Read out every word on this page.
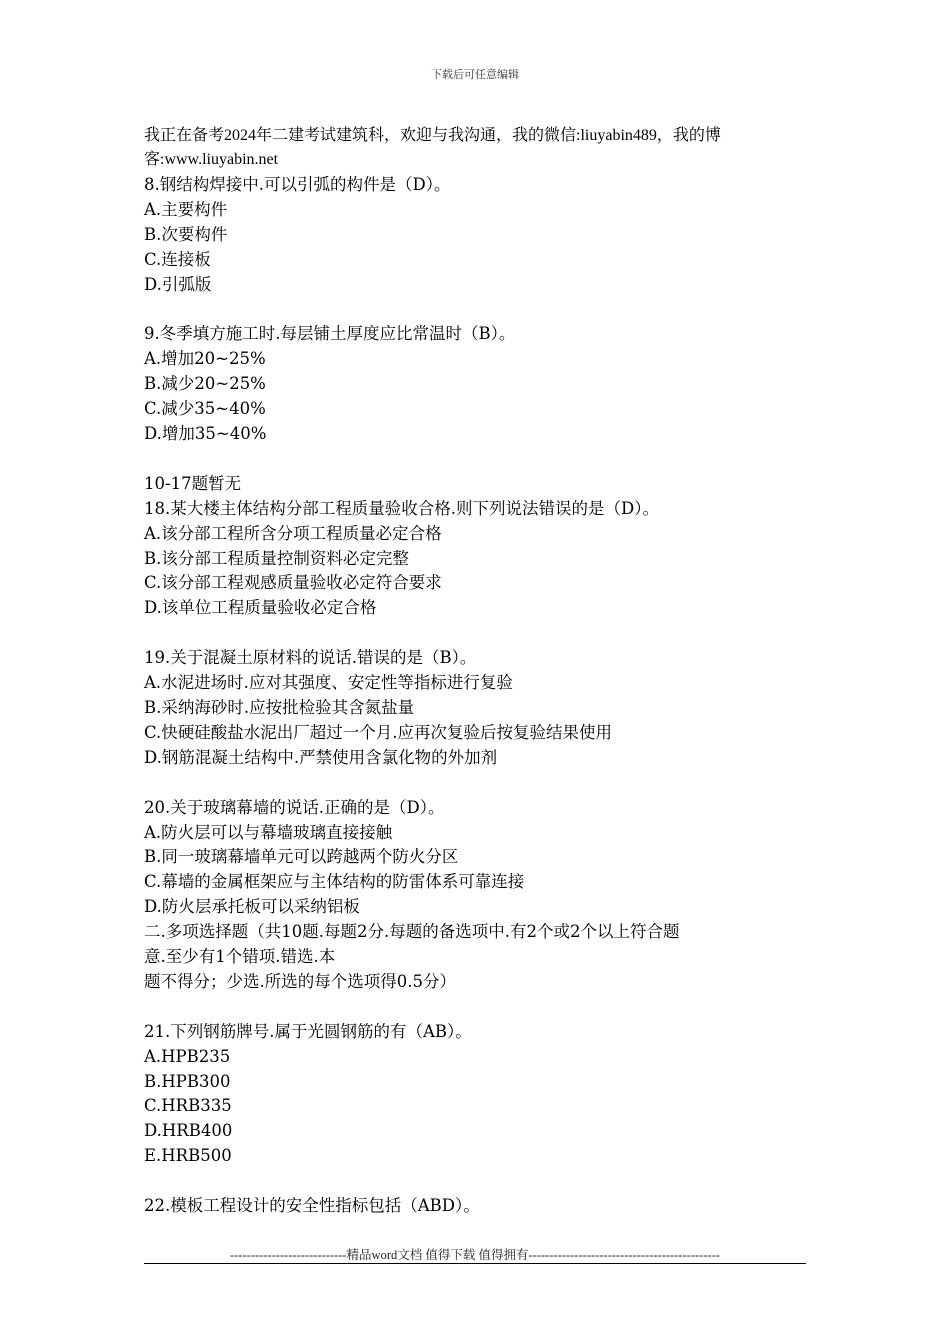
下载后可任意编辑
我正在备考2024年二建考试建筑科，欢迎与我沟通，我的微信:liuyabin489，我的博
客:www.liuyabin.net
8.钢结构焊接中.可以引弧的构件是（D）。
A.主要构件
B.次要构件
C.连接板
D.引弧版
9.冬季填方施工时.每层铺土厚度应比常温时（B）。
A.增加20~25%
B.减少20~25%
C.减少35~40%
D.增加35~40%
10-17题暂无
18.某大楼主体结构分部工程质量验收合格.则下列说法错误的是（D）。
A.该分部工程所含分项工程质量必定合格
B.该分部工程质量控制资料必定完整
C.该分部工程观感质量验收必定符合要求
D.该单位工程质量验收必定合格
19.关于混凝土原材料的说话.错误的是（B）。
A.水泥进场时.应对其强度、安定性等指标进行复验
B.采纳海砂时.应按批检验其含氮盐量
C.快硬硅酸盐水泥出厂超过一个月.应再次复验后按复验结果使用
D.钢筋混凝土结构中.严禁使用含氯化物的外加剂
20.关于玻璃幕墙的说话.正确的是（D）。
A.防火层可以与幕墙玻璃直接接触
B.同一玻璃幕墙单元可以跨越两个防火分区
C.幕墙的金属框架应与主体结构的防雷体系可靠连接
D.防火层承托板可以采纳铝板
二.多项选择题（共10题.每题2分.每题的备选项中.有2个或2个以上符合题
意.至少有1个错项.错选.本
题不得分；少选.所选的每个选项得0.5分）
21.下列钢筋牌号.属于光圆钢筋的有（AB）。
A.HPB235
B.HPB300
C.HRB335
D.HRB400
E.HRB500
22.模板工程设计的安全性指标包括（ABD）。
----------------------------精品word文档 值得下载 值得拥有----------------------------------------------
